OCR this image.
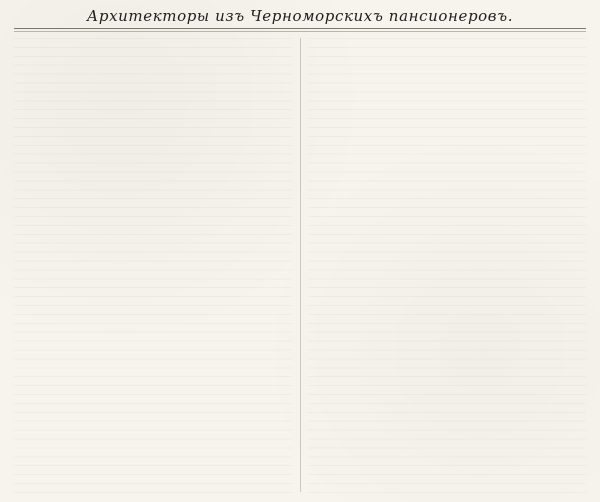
Архитекторы изъ Черноморскихъ пансионеровъ.
